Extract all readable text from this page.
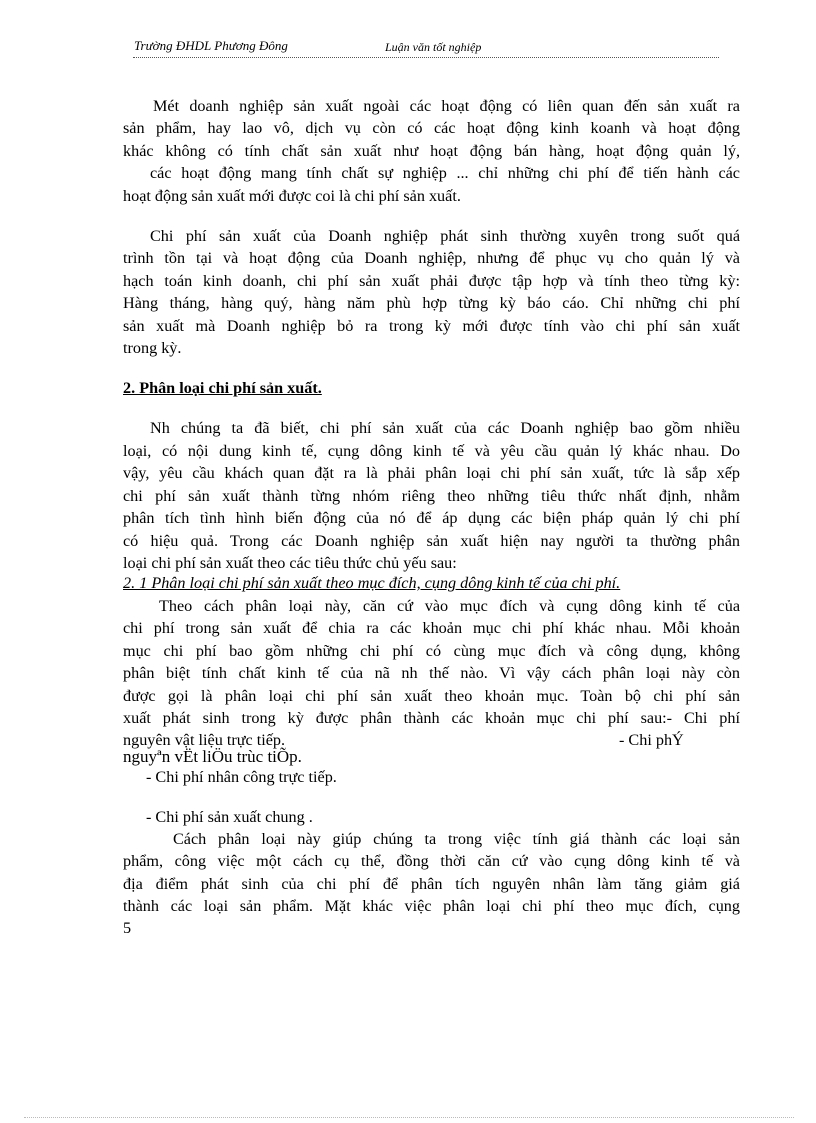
Trường ĐHDL Phương Đông	Luận văn tốt nghiệp
Mét doanh nghiệp sản xuất ngoài các hoạt động có liên quan đến sản xuất ra
sản phẩm, hay lao vô, dịch vụ còn có các hoạt động kinh koanh và hoạt động
khác không có tính chất sản xuất như hoạt động bán hàng, hoạt động quản lý,
các hoạt động mang tính chất sự nghiệp ... chỉ những chi phí để tiến hành các
hoạt động sản xuất mới được coi là chi phí sản xuất.
Chi phí sản xuất của Doanh nghiệp phát sinh thường xuyên trong suốt quá
trình tồn tại và hoạt động của Doanh nghiệp, nhưng để phục vụ cho quản lý và
hạch toán kinh doanh, chi phí sản xuất phải được tập hợp và tính theo từng kỳ:
Hàng tháng, hàng quý, hàng năm phù hợp từng kỳ báo cáo. Chỉ những chi phí
sản xuất mà Doanh nghiệp bỏ ra trong kỳ mới được tính vào chi phí sản xuất
trong kỳ.
2. Phân loại chi phí sản xuất.
Nh chúng ta đã biết, chi phí sản xuất của các Doanh nghiệp bao gồm nhiều
loại, có nội dung kinh tế, cụng dông kinh tế và yêu cầu quản lý khác nhau. Do
vậy, yêu cầu khách quan đặt ra là phải phân loại chi phí sản xuất, tức là sắp xếp
chi phí sản xuất thành từng nhóm riêng theo những tiêu thức nhất định, nhằm
phân tích tình hình biến động của nó để áp dụng các biện pháp quản lý chi phí
có hiệu quả. Trong các Doanh nghiệp sản xuất hiện nay người ta thường phân
loại chi phí sản xuất theo các tiêu thức chủ yếu sau:
2. 1 Phân loại chi phí sản xuất theo mục đích, cụng dông kinh tế của chi phí.
Theo cách phân loại này, căn cứ vào mục đích và cụng dông kinh tế của
chi phí trong sản xuất để chia ra các khoản mục chi phí khác nhau. Mỗi khoản
mục chi phí bao gồm những chi phí có cùng mục đích và công dụng, không
phân biệt tính chất kinh tế của nã nh thế nào. Vì vậy cách phân loại này còn
được gọi là phân loại chi phí sản xuất theo khoản mục. Toàn bộ chi phí sản
xuất phát sinh trong kỳ được phân thành các khoản mục chi phí sau:- Chi phí
nguyên vật liệu trực tiếp.	- Chi phÝ
nguyªn vËt liÖu trùc tiÕp.
- Chi phí nhân công trực tiếp.
- Chi phí sản xuất chung .
Cách phân loại này giúp chúng ta trong việc tính giá thành các loại sản
phẩm, công việc một cách cụ thể, đồng thời căn cứ vào cụng dông kinh tế và
địa điểm phát sinh của chi phí để phân tích nguyên nhân làm tăng giảm giá
thành các loại sản phẩm. Mặt khác việc phân loại chi phí theo mục đích, cụng
5
